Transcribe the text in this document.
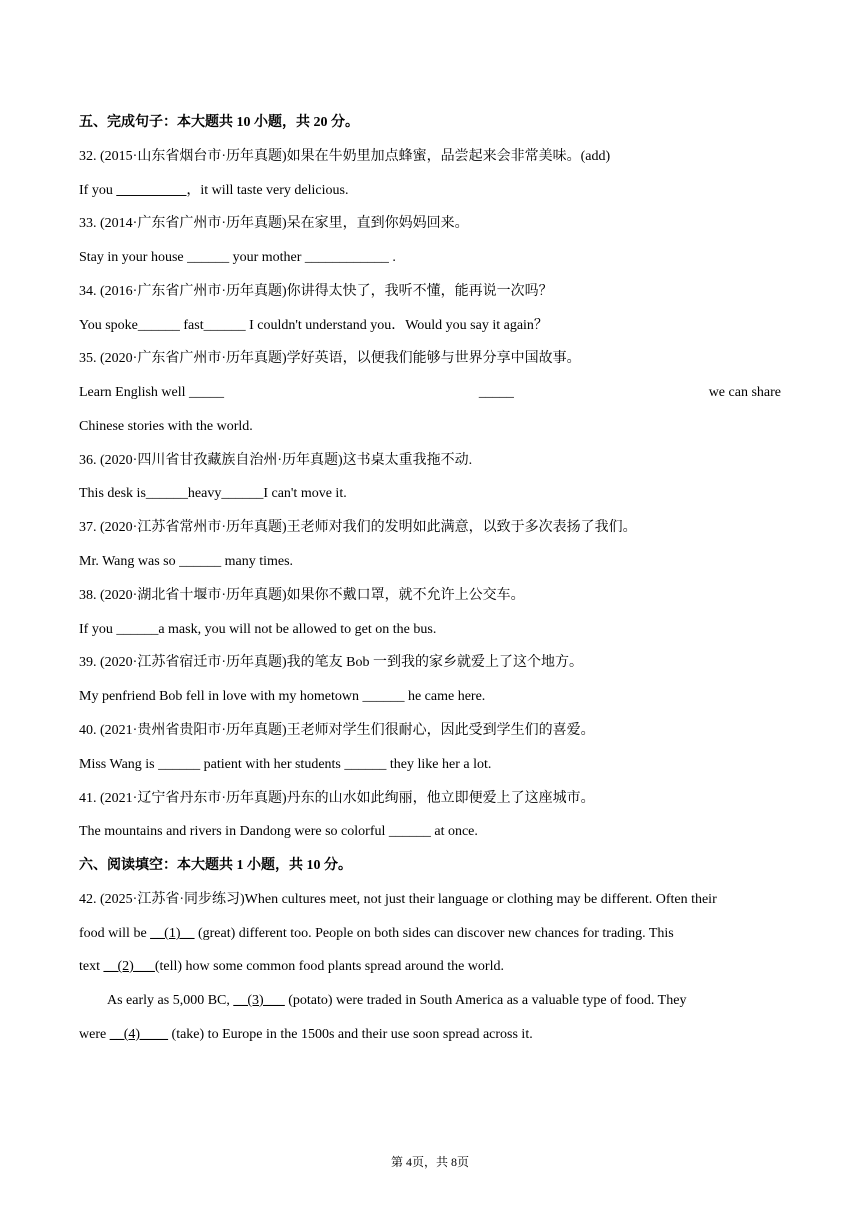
五、完成句子：本大题共 10 小题，共 20 分。
32. (2015·山东省烟台市·历年真题)如果在牛奶里加点蜂蜜，品尝起来会非常美味。(add)
If you __________，it will taste very delicious.
33. (2014·广东省广州市·历年真题)呆在家里，直到你妈妈回来。
Stay in your house ______ your mother ____________ .
34. (2016·广东省广州市·历年真题)你讲得太快了，我听不懂，能再说一次吗？
You spoke______ fast______ I couldn't understand you．Would you say it again？
35. (2020·广东省广州市·历年真题)学好英语，以便我们能够与世界分享中国故事。
Learn English well _____	_____	we can share
Chinese stories with the world.
36. (2020·四川省甘孜藏族自治州·历年真题)这书桌太重我拖不动.
This desk is______heavy______I can't move it.
37. (2020·江苏省常州市·历年真题)王老师对我们的发明如此满意，以致于多次表扬了我们。
Mr. Wang was so ______ many times.
38. (2020·湖北省十堰市·历年真题)如果你不戴口罩，就不允许上公交车。
If you ______a mask, you will not be allowed to get on the bus.
39. (2020·江苏省宿迁市·历年真题)我的笔友 Bob 一到我的家乡就爱上了这个地方。
My penfriend Bob fell in love with my hometown ______ he came here.
40. (2021·贵州省贵阳市·历年真题)王老师对学生们很耐心，因此受到学生们的喜爱。
Miss Wang is ______ patient with her students ______ they like her a lot.
41. (2021·辽宁省丹东市·历年真题)丹东的山水如此绚丽，他立即便爱上了这座城市。
The mountains and rivers in Dandong were so colorful ______ at once.
六、阅读填空：本大题共 1 小题，共 10 分。
42. (2025·江苏省·同步练习)When cultures meet, not just their language or clothing may be different. Often their
food will be __(1)__ (great) different too. People on both sides can discover new chances for trading. This
text __(2)___(tell) how some common food plants spread around the world.
As early as 5,000 BC, __(3)___ (potato) were traded in South America as a valuable type of food. They
were __(4)____ (take) to Europe in the 1500s and their use soon spread across it.
第 4页，共 8页
